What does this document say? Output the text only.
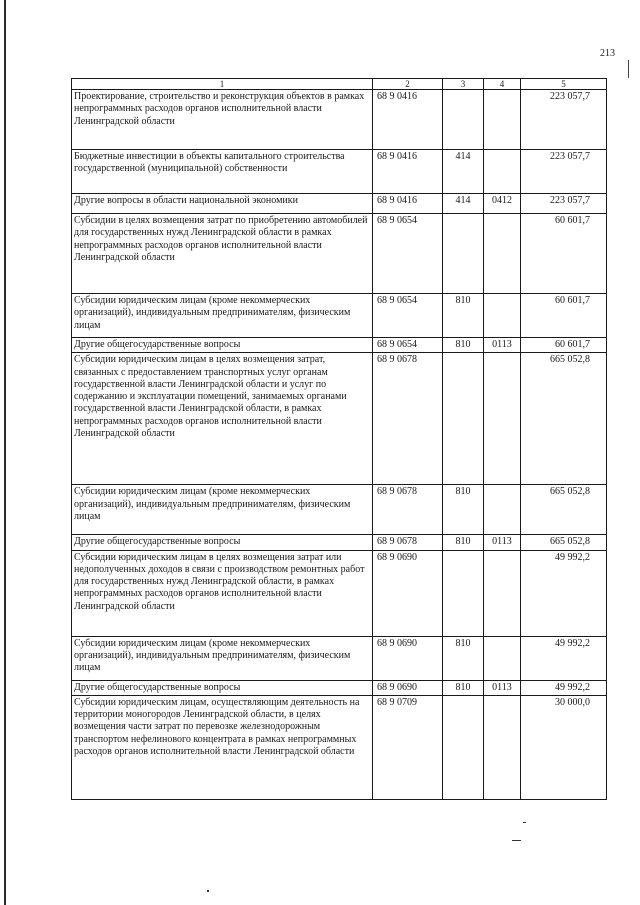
213
1	2	3	4	5
Проектирование, строительство и реконструкция объектов в рамках непрограммных расходов органов исполнительной власти Ленинградской области	68 9 0416			223 057,7
Бюджетные инвестиции в объекты капитального строительства государственной (муниципальной) собственности	68 9 0416	414		223 057,7
Другие вопросы в области национальной экономики	68 9 0416	414	0412	223 057,7
Субсидии в целях возмещения затрат по приобретению автомобилей для государственных нужд Ленинградской области в рамках непрограммных расходов органов исполнительной власти Ленинградской области	68 9 0654			60 601,7
Субсидии юридическим лицам (кроме некоммерческих организаций), индивидуальным предпринимателям, физическим лицам	68 9 0654	810		60 601,7
Другие общегосударственные вопросы	68 9 0654	810	0113	60 601,7
Субсидии юридическим лицам в целях возмещения затрат, связанных с предоставлением транспортных услуг органам государственной власти Ленинградской области и услуг по содержанию и эксплуатации помещений, занимаемых органами государственной власти Ленинградской области, в рамках непрограммных расходов органов исполнительной власти Ленинградской области	68 9 0678			665 052,8
Субсидии юридическим лицам (кроме некоммерческих организаций), индивидуальным предпринимателям, физическим лицам	68 9 0678	810		665 052,8
Другие общегосударственные вопросы	68 9 0678	810	0113	665 052,8
Субсидии юридическим лицам в целях возмещения затрат или недополученных доходов в связи с производством ремонтных работ для государственных нужд Ленинградской области, в рамках непрограммных расходов органов исполнительной власти Ленинградской области	68 9 0690			49 992,2
Субсидии юридическим лицам (кроме некоммерческих организаций), индивидуальным предпринимателям, физическим лицам	68 9 0690	810		49 992,2
Другие общегосударственные вопросы	68 9 0690	810	0113	49 992,2
Субсидии юридическим лицам, осуществляющим деятельность на территории моногородов Ленинградской области, в целях возмещения части затрат по перевозке железнодорожным транспортом нефелинового концентрата в рамках непрограммных расходов органов исполнительной власти Ленинградской области	68 9 0709			30 000,0
